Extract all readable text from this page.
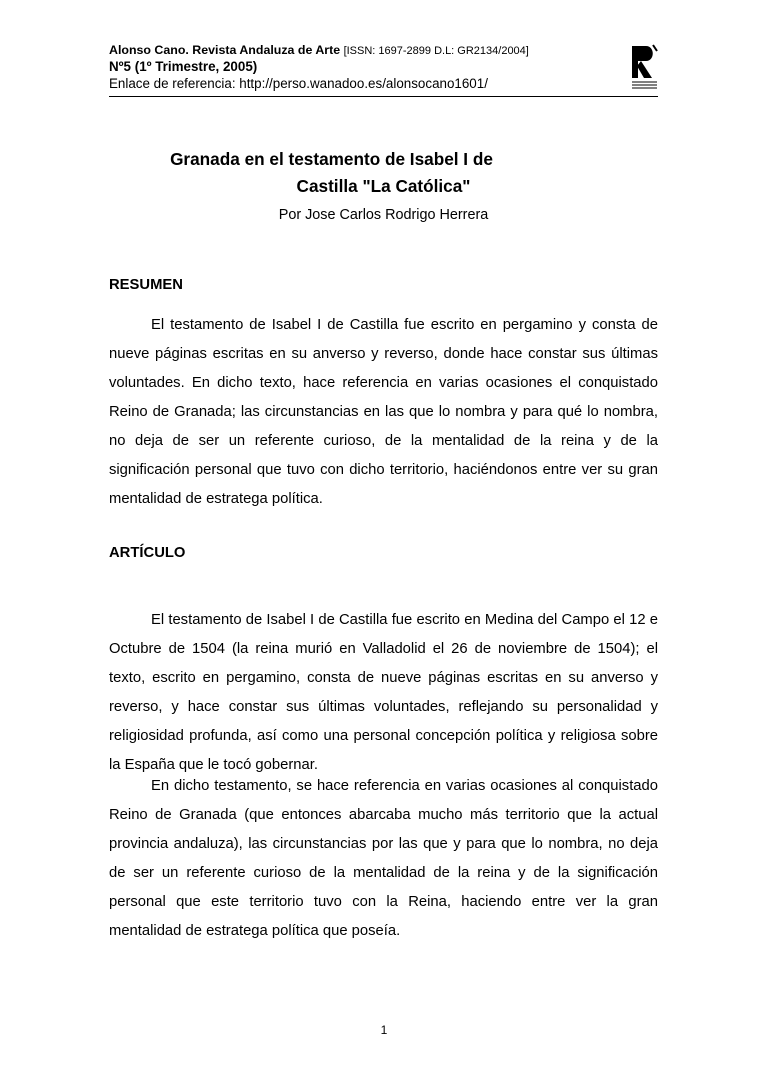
Alonso Cano. Revista Andaluza de Arte [ISSN: 1697-2899 D.L: GR2134/2004]
Nº5 (1º Trimestre, 2005)
Enlace de referencia: http://perso.wanadoo.es/alonsocano1601/
Granada en el testamento de Isabel I de
Castilla "La Católica"
Por Jose Carlos Rodrigo Herrera
RESUMEN

El testamento de Isabel I de Castilla fue escrito en pergamino y consta de nueve páginas escritas en su anverso y reverso, donde hace constar sus últimas voluntades. En dicho texto, hace referencia en varias ocasiones el conquistado Reino de Granada; las circunstancias en las que lo nombra y para qué lo nombra, no deja de ser un referente curioso, de la mentalidad de la reina y de la significación personal que tuvo con dicho territorio, haciéndonos entre ver su gran mentalidad de estratega política.

ARTÍCULO

El testamento de Isabel I de Castilla fue escrito en Medina del Campo el 12 e Octubre de 1504 (la reina murió en Valladolid el 26 de noviembre de 1504); el texto, escrito en pergamino, consta de nueve páginas escritas en su anverso y reverso, y hace constar sus últimas voluntades, reflejando su personalidad y religiosidad profunda, así como una personal concepción política y religiosa sobre la España que le tocó gobernar.

En dicho testamento, se hace referencia en varias ocasiones al conquistado Reino de Granada (que entonces abarcaba mucho más territorio que la actual provincia andaluza), las circunstancias por las que y para que lo nombra, no deja de ser un referente curioso de la mentalidad de la reina y de la significación personal que este territorio tuvo con la Reina, haciendo entre ver la gran mentalidad de estratega política que poseía.

1
